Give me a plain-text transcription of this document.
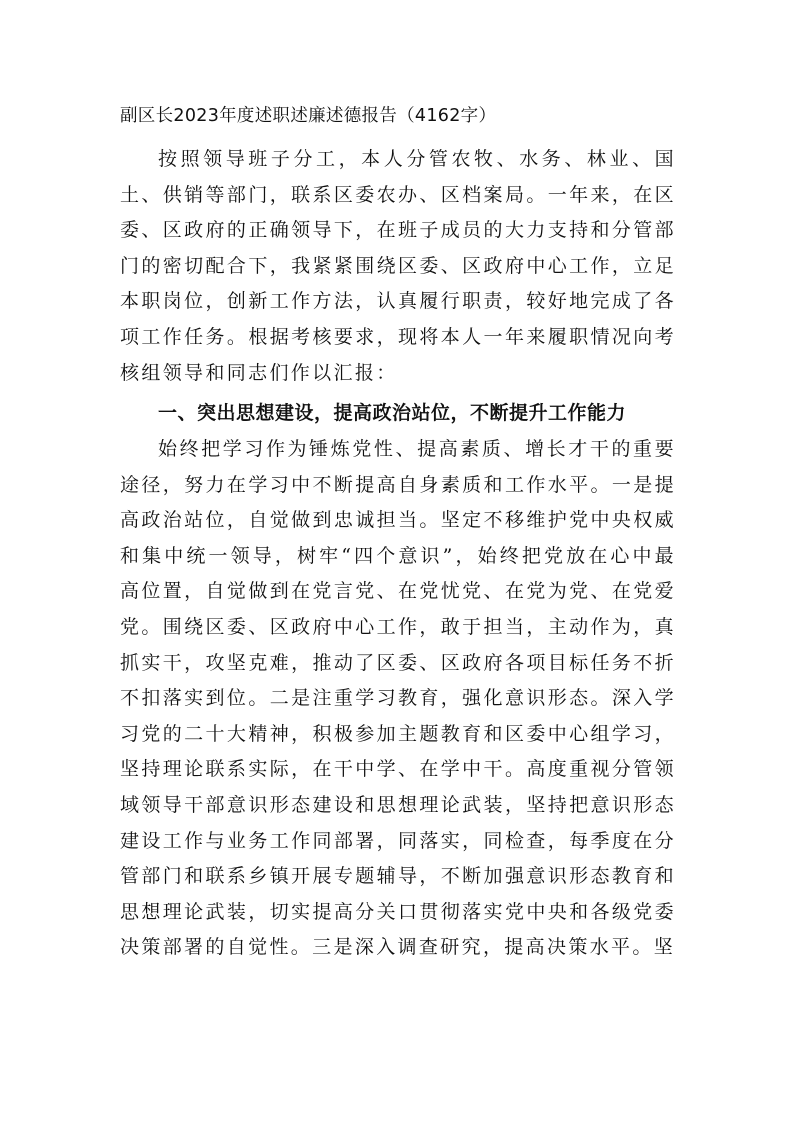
副区长2023年度述职述廉述德报告（4162字）

按照领导班子分工，本人分管农牧、水务、林业、国土、供销等部门，联系区委农办、区档案局。一年来，在区委、区政府的正确领导下，在班子成员的大力支持和分管部门的密切配合下，我紧紧围绕区委、区政府中心工作，立足本职岗位，创新工作方法，认真履行职责，较好地完成了各项工作任务。根据考核要求，现将本人一年来履职情况向考核组领导和同志们作以汇报：

一、突出思想建设，提高政治站位，不断提升工作能力

始终把学习作为锤炼党性、提高素质、增长才干的重要途径，努力在学习中不断提高自身素质和工作水平。一是提高政治站位，自觉做到忠诚担当。坚定不移维护党中央权威和集中统一领导，树牢“四个意识”，始终把党放在心中最高位置，自觉做到在党言党、在党忧党、在党为党、在党爱党。围绕区委、区政府中心工作，敢于担当，主动作为，真抓实干，攻坚克难，推动了区委、区政府各项目标任务不折不扣落实到位。二是注重学习教育，强化意识形态。深入学习党的二十大精神，积极参加主题教育和区委中心组学习，坚持理论联系实际，在干中学、在学中干。高度重视分管领域领导干部意识形态建设和思想理论武装，坚持把意识形态建设工作与业务工作同部署，同落实，同检查，每季度在分管部门和联系乡镇开展专题辅导，不断加强意识形态教育和思想理论武装，切实提高分关口贯彻落实党中央和各级党委决策部署的自觉性。三是深入调查研究，提高决策水平。坚
